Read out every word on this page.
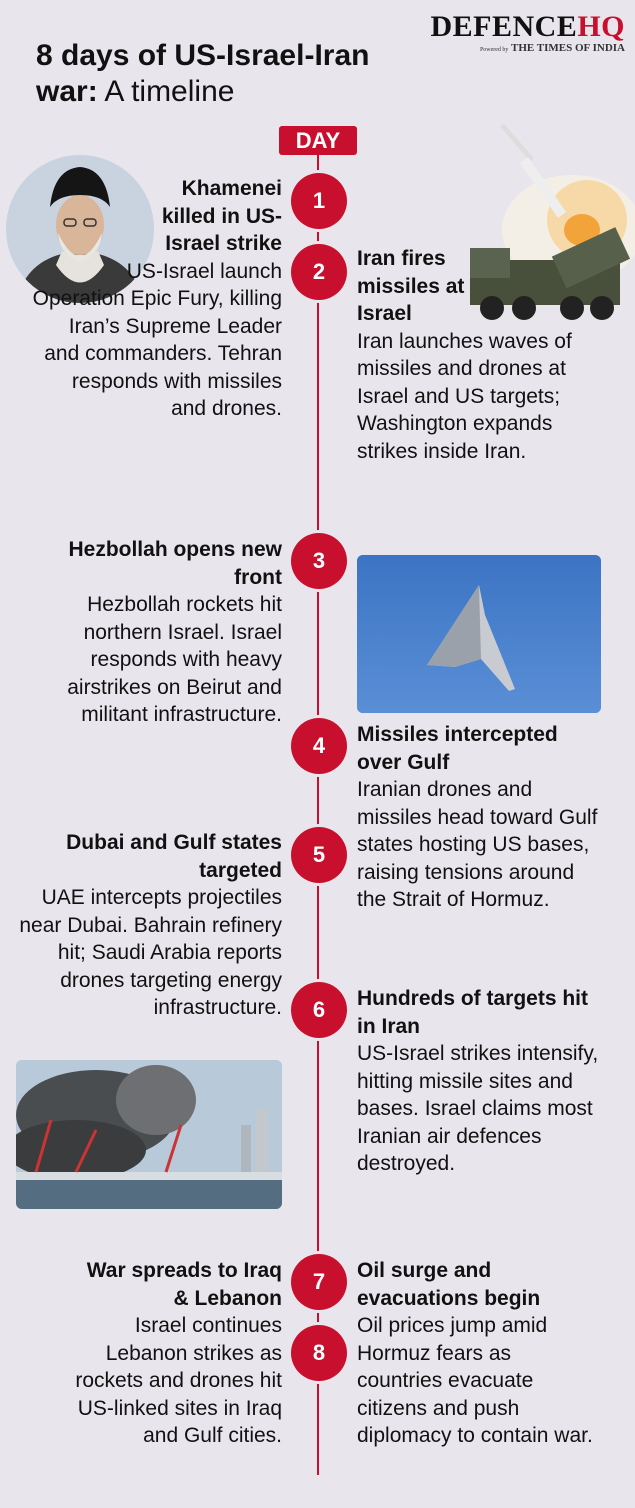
8 days of US-Israel-Iran war: A timeline
DEFENCEHQ
Powered by THE TIMES OF INDIA
DAY
1
2
3
4
5
6
7
8
Khamenei killed in US-Israel strike
US-Israel launch Operation Epic Fury, killing Iran’s Supreme Leader and commanders. Tehran responds with missiles and drones.
Iran fires missiles at Israel
Iran launches waves of missiles and drones at Israel and US targets; Washington expands strikes inside Iran.
Hezbollah opens new front
Hezbollah rockets hit northern Israel. Israel responds with heavy airstrikes on Beirut and militant infrastructure.
Missiles intercepted over Gulf
Iranian drones and missiles head toward Gulf states hosting US bases, raising tensions around the Strait of Hormuz.
Dubai and Gulf states targeted
UAE intercepts projectiles near Dubai. Bahrain refinery hit; Saudi Arabia reports drones targeting energy infrastructure.	Hundreds of targets hit in Iran
US-Israel strikes intensify, hitting missile sites and bases. Israel claims most Iranian air defences destroyed.
War spreads to Iraq & Lebanon
Israel continues Lebanon strikes as rockets and drones hit US-linked sites in Iraq and Gulf cities.
Oil surge and evacuations begin
Oil prices jump amid Hormuz fears as countries evacuate citizens and push diplomacy to contain war.
